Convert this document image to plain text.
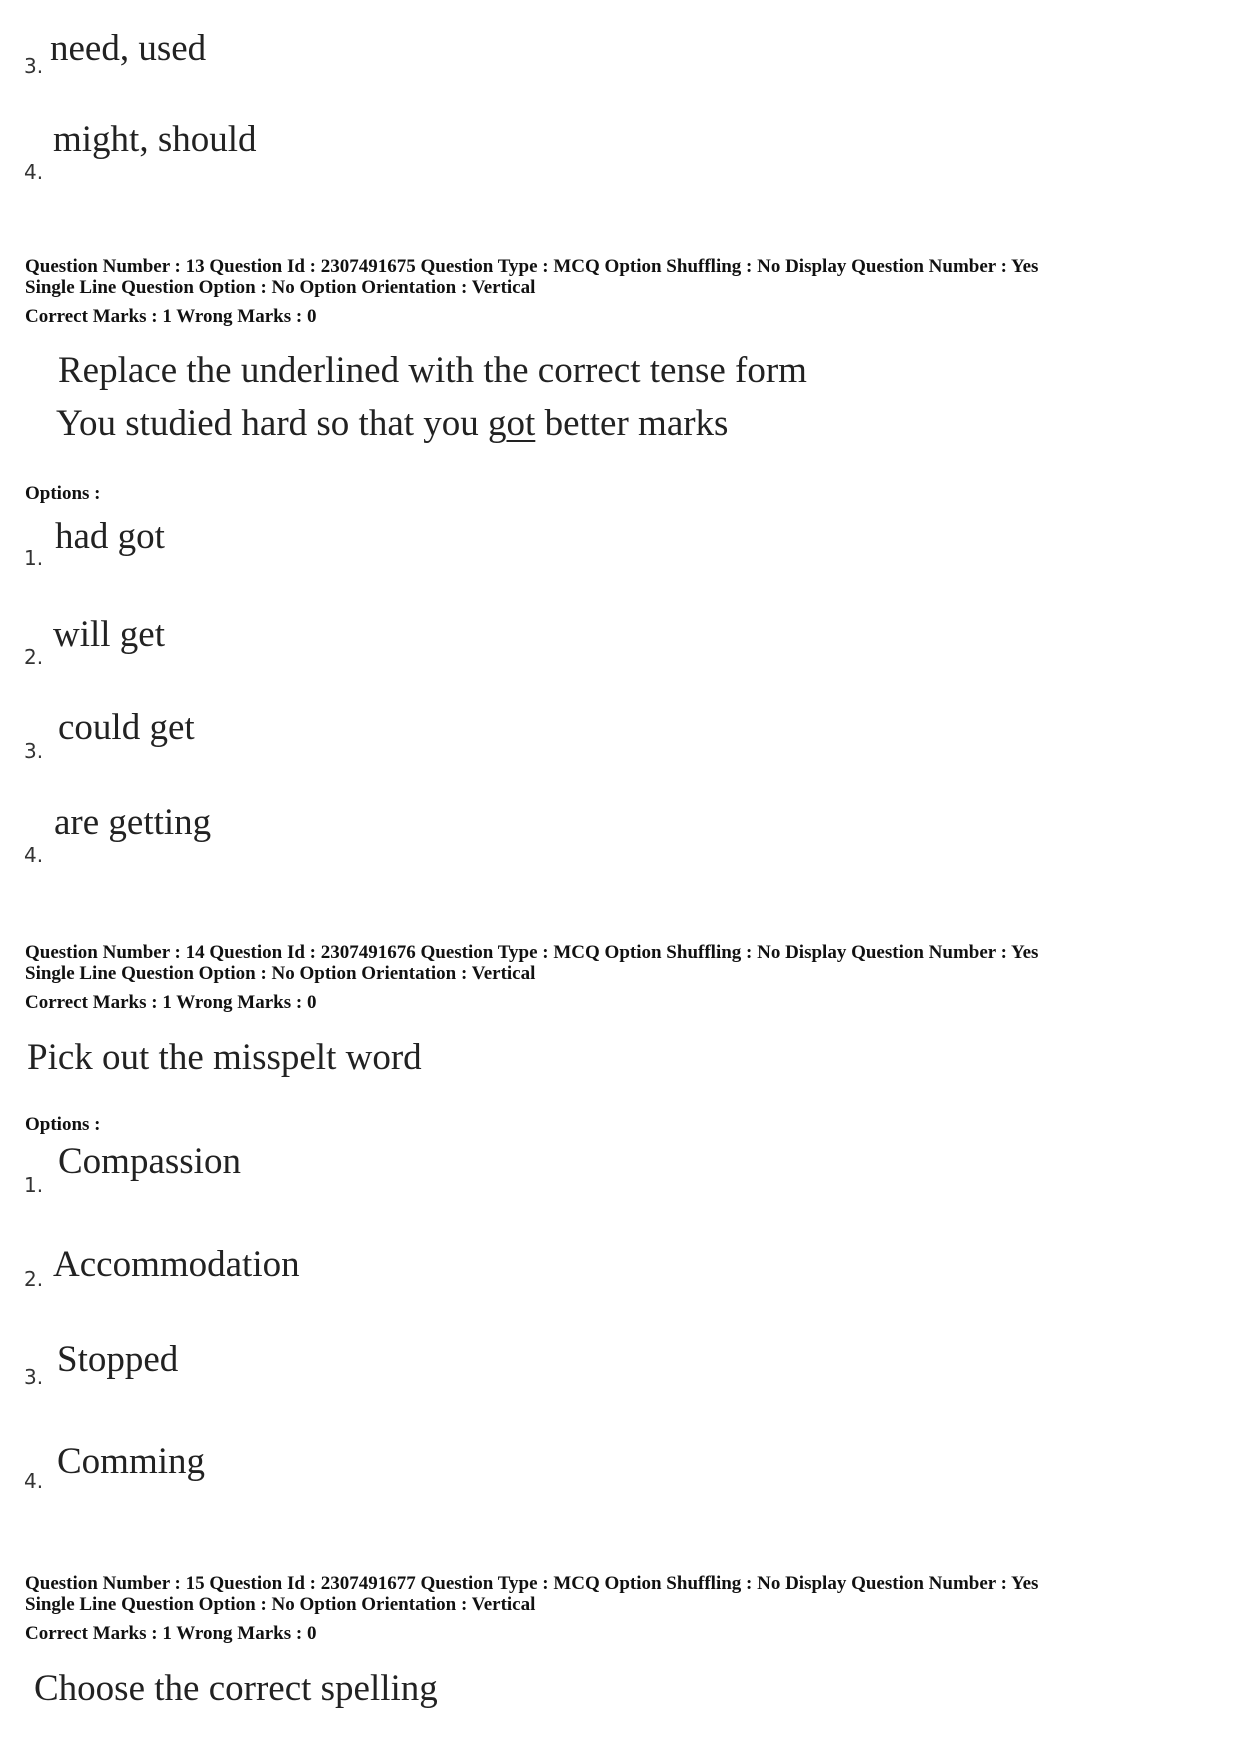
3. need, used
4.
might, should
Question Number : 13 Question Id : 2307491675 Question Type : MCQ Option Shuffling : No Display Question Number : Yes
Single Line Question Option : No Option Orientation : Vertical
Correct Marks : 1 Wrong Marks : 0
Replace the underlined with the correct tense form
You studied hard so that you got better marks
Options :
1.
had got
2.
will get
3.
could get
4.
are getting
Question Number : 14 Question Id : 2307491676 Question Type : MCQ Option Shuffling : No Display Question Number : Yes
Single Line Question Option : No Option Orientation : Vertical
Correct Marks : 1 Wrong Marks : 0
Pick out the misspelt word
Options :
1.
Compassion
2. Accommodation
3. Stopped
4. Comming
Question Number : 15 Question Id : 2307491677 Question Type : MCQ Option Shuffling : No Display Question Number : Yes
Single Line Question Option : No Option Orientation : Vertical
Correct Marks : 1 Wrong Marks : 0
Choose the correct spelling
